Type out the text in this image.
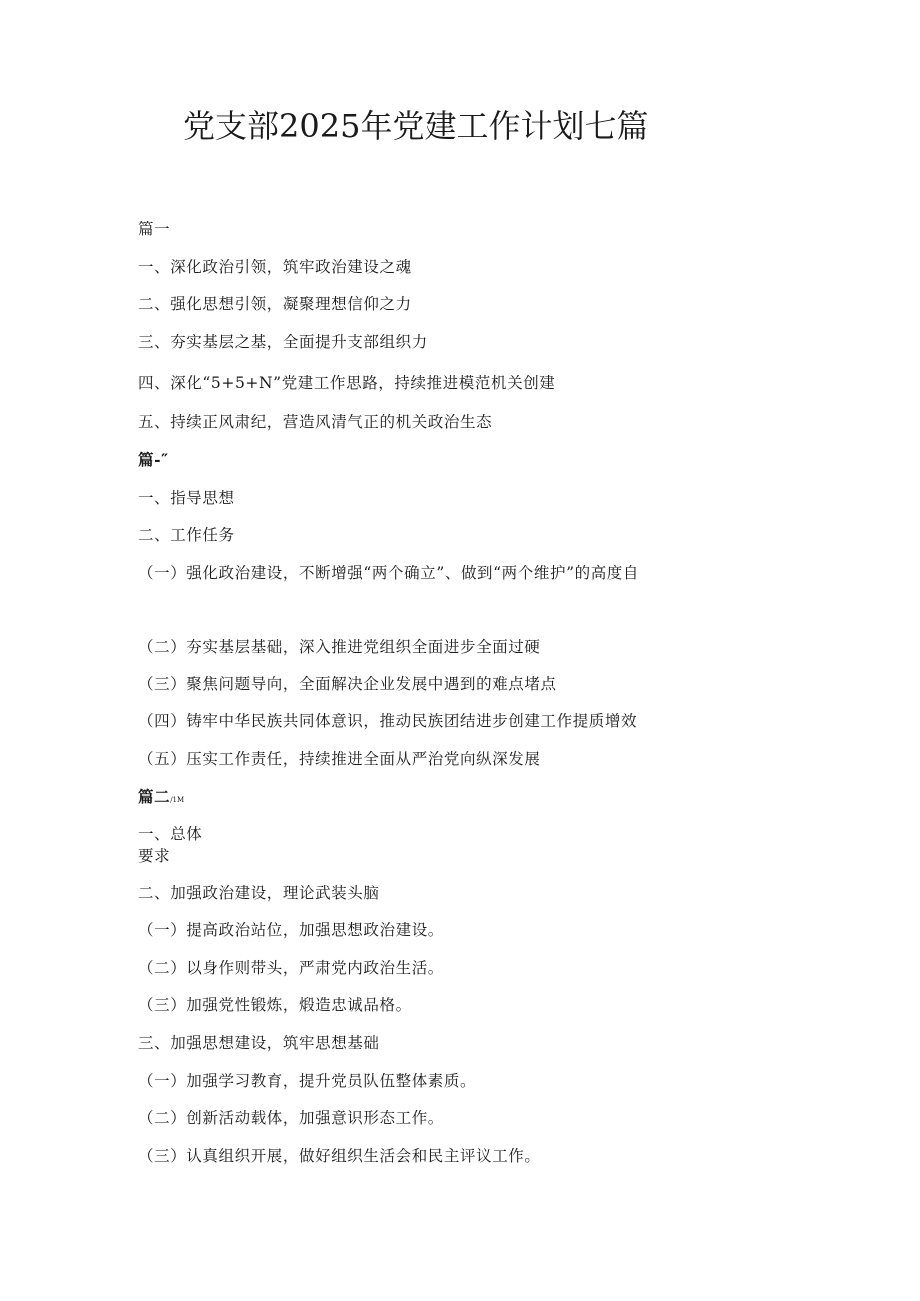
党支部2025年党建工作计划七篇
篇一
一、深化政治引领，筑牢政治建设之魂
二、强化思想引领，凝聚理想信仰之力
三、夯实基层之基，全面提升支部组织力
四、深化“5+5+N”党建工作思路，持续推进模范机关创建
五、持续正风肃纪，营造风清气正的机关政治生态
篇-″
一、指导思想
二、工作任务
（一）强化政治建设，不断增强“两个确立”、做到“两个维护”的高度自
（二）夯实基层基础，深入推进党组织全面进步全面过硬
（三）聚焦问题导向，全面解决企业发展中遇到的难点堵点
（四）铸牢中华民族共同体意识，推动民族团结进步创建工作提质增效
（五）压实工作责任，持续推进全面从严治党向纵深发展
篇二/1M
一、总体
要求
二、加强政治建设，理论武装头脑
（一）提高政治站位，加强思想政治建设。
（二）以身作则带头，严肃党内政治生活。
（三）加强党性锻炼，煅造忠诚品格。
三、加强思想建设，筑牢思想基础
（一）加强学习教育，提升党员队伍整体素质。
（二）创新活动载体，加强意识形态工作。
（三）认真组织开展，做好组织生活会和民主评议工作。
